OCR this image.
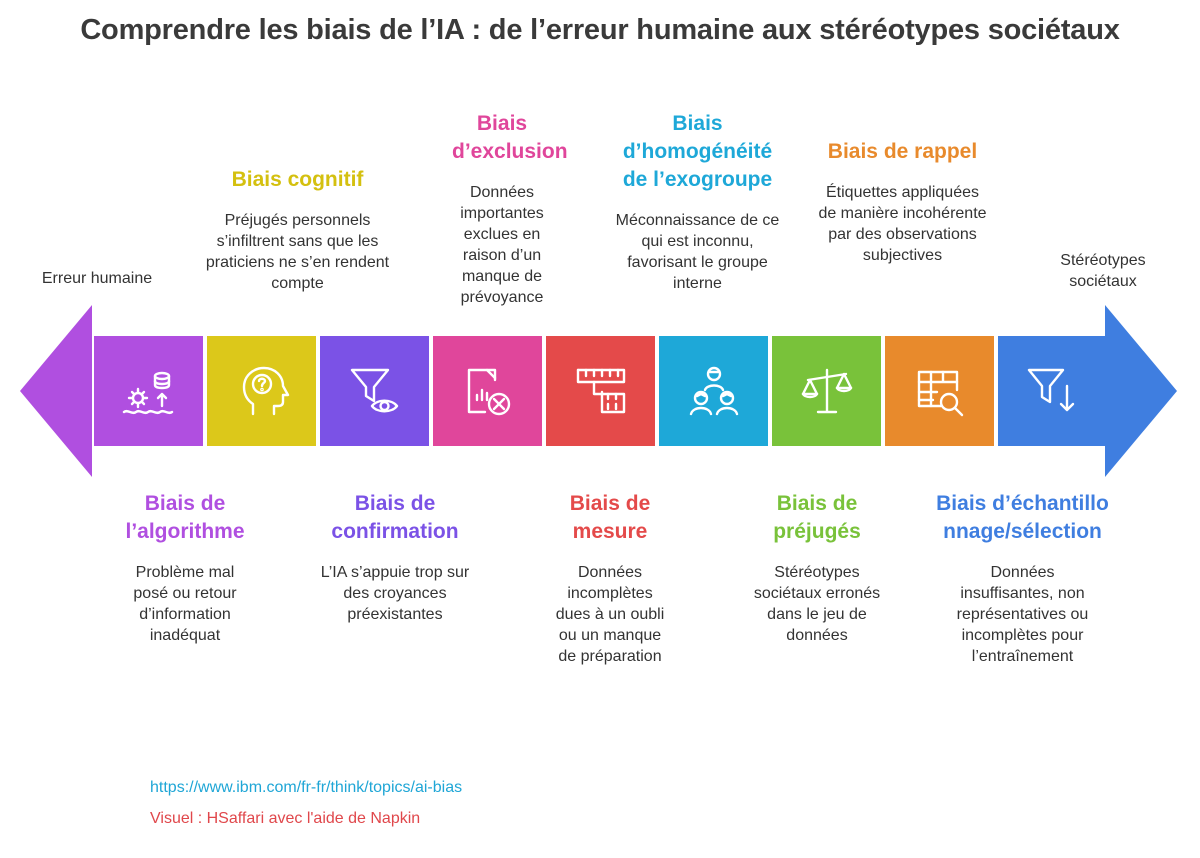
Comprendre les biais de l’IA : de l’erreur humaine aux stéréotypes sociétaux
Erreur humaine
Stéréotypes sociétaux
Biais cognitif
Préjugés personnels s’infiltrent sans que les praticiens ne s’en rendent compte
Biais d’exclusion
Données importantes exclues en raison d’un manque de prévoyance
Biais d’homogénéité de l’exogroupe
Méconnaissance de ce qui est inconnu, favorisant le groupe interne
Biais de rappel
Étiquettes appliquées de manière incohérente par des observations subjectives
Biais de l’algorithme
Problème mal posé ou retour d’information inadéquat
Biais de confirmation
L’IA s’appuie trop sur des croyances préexistantes
Biais de mesure
Données incomplètes dues à un oubli ou un manque de préparation
Biais de préjugés
Stéréotypes sociétaux erronés dans le jeu de données
Biais d’échantillonnage/sélection
Données insuffisantes, non représentatives ou incomplètes pour l’entraînement
https://www.ibm.com/fr-fr/think/topics/ai-bias
Visuel : HSaffari avec l'aide de Napkin
